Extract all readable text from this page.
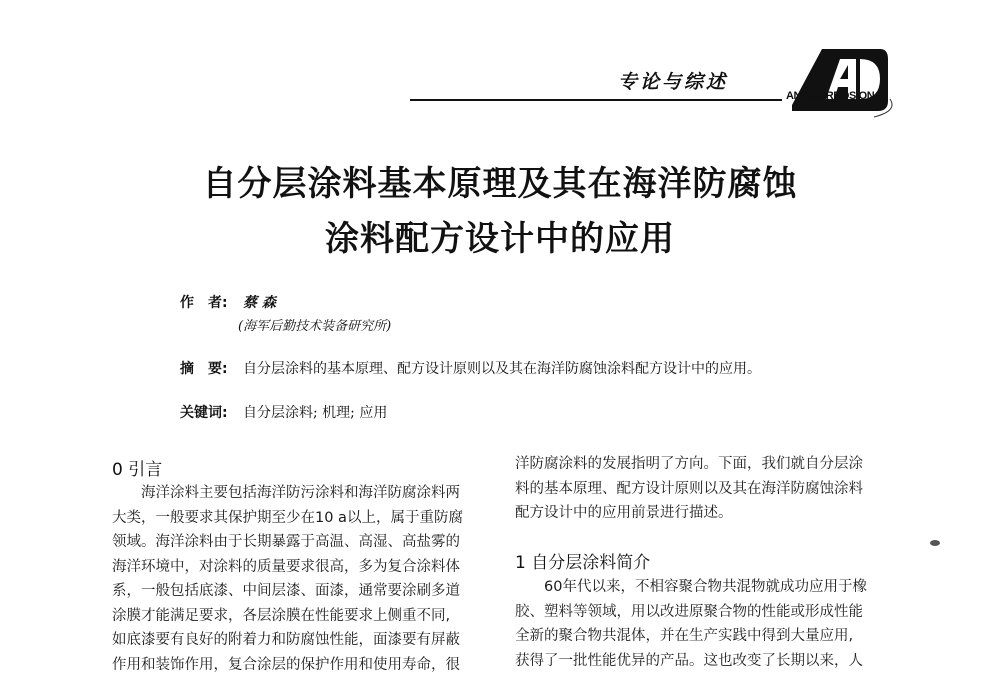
专论与综述
ANTICORROSION
自分层涂料基本原理及其在海洋防腐蚀
涂料配方设计中的应用
作　者: 蔡 森
(海军后勤技术装备研究所)
摘　要: 自分层涂料的基本原理、配方设计原则以及其在海洋防腐蚀涂料配方设计中的应用。
关键词: 自分层涂料; 机理; 应用
0 引言
　　海洋涂料主要包括海洋防污涂料和海洋防腐涂料两
大类，一般要求其保护期至少在10 a以上，属于重防腐
领域。海洋涂料由于长期暴露于高温、高湿、高盐雾的
海洋环境中，对涂料的质量要求很高，多为复合涂料体
系，一般包括底漆、中间层漆、面漆，通常要涂刷多道
涂膜才能满足要求，各层涂膜在性能要求上侧重不同,
如底漆要有良好的附着力和防腐蚀性能，面漆要有屏蔽
作用和装饰作用，复合涂层的保护作用和使用寿命，很
洋防腐涂料的发展指明了方向。下面，我们就自分层涂
料的基本原理、配方设计原则以及其在海洋防腐蚀涂料
配方设计中的应用前景进行描述。
1 自分层涂料简介
　　60年代以来，不相容聚合物共混物就成功应用于橡
胶、塑料等领域，用以改进原聚合物的性能或形成性能
全新的聚合物共混体，并在生产实践中得到大量应用,
获得了一批性能优异的产品。这也改变了长期以来，人
